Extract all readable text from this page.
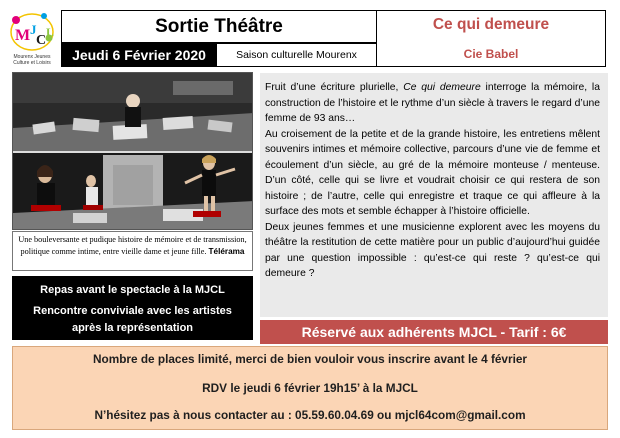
M J
C
L
Mourenx Jeunes
Culture et Loisirs
Sortie Théâtre
Jeudi 6 Février 2020	Saison culturelle Mourenx
Ce qui demeure
Cie Babel
Une bouleversante et pudique histoire de mémoire et de transmission, politique comme intime, entre vieille dame et jeune fille. Télérama
Repas avant le spectacle à la MJCL
Rencontre conviviale avec les artistes
après la représentation

Fruit d’une écriture plurielle, Ce qui demeure interroge la mémoire, la construction de l’histoire et le rythme d’un siècle à travers le regard d’une femme de 93 ans…

Au croisement de la petite et de la grande histoire, les entretiens mêlent souvenirs intimes et mémoire collective, parcours d’une vie de femme et écoulement d’un siècle, au gré de la mémoire monteuse / menteuse. D’un côté, celle qui se livre et voudrait choisir ce qui restera de son histoire ; de l’autre, celle qui enregistre et traque ce qui affleure à la surface des mots et semble échapper à l’histoire officielle.

Deux jeunes femmes et une musicienne explorent avec les moyens du théâtre la restitution de cette matière pour un public d’aujourd’hui guidée par une question impossible : qu’est-ce qui reste ? qu’est-ce qui demeure ?

Réservé aux adhérents MJCL - Tarif : 6€
Nombre de places limité, merci de bien vouloir vous inscrire avant le 4 février
RDV le jeudi 6 février 19h15’ à la MJCL
N’hésitez pas à nous contacter au : 05.59.60.04.69 ou mjcl64com@gmail.com
